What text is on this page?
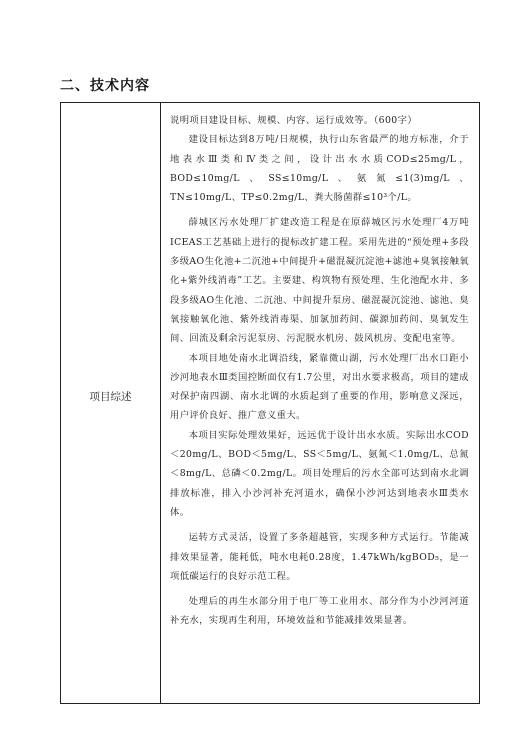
二、技术内容
项目综述

说明项目建设目标、规模、内容、运行成效等。（600字）

建设目标达到8万吨/日规模，执行山东省最严的地方标准，介于地表水Ⅲ类和Ⅳ类之间，设计出水水质COD≤25mg/L，BOD≤10mg/L、SS≤10mg/L、氨氮≤1(3)mg/L、TN≤10mg/L、TP≤0.2mg/L、粪大肠菌群≤10³个/L。

薛城区污水处理厂扩建改造工程是在原薛城区污水处理厂4万吨ICEAS工艺基础上进行的提标改扩建工程。采用先进的“预处理+多段多级AO生化池+二沉池+中间提升+磁混凝沉淀池+滤池+臭氧接触氧化+紫外线消毒”工艺。主要建、构筑物有预处理、生化池配水井、多段多级AO生化池、二沉池、中间提升泵房、磁混凝沉淀池、滤池、臭氧接触氧化池、紫外线消毒渠、加氯加药间、碳源加药间、臭氧发生间、回流及剩余污泥泵房、污泥脱水机房、鼓风机房、变配电室等。

本项目地处南水北调沿线，紧靠微山湖，污水处理厂出水口距小沙河地表水Ⅲ类国控断面仅有1.7公里，对出水要求极高，项目的建成对保护南四湖、南水北调的水质起到了重要的作用，影响意义深远，用户评价良好、推广意义重大。

本项目实际处理效果好，远远优于设计出水水质。实际出水COD＜20mg/L、BOD＜5mg/L、SS＜5mg/L、氨氮＜1.0mg/L、总氮＜8mg/L、总磷＜0.2mg/L。项目处理后的污水全部可达到南水北调排放标准，排入小沙河补充河道水，确保小沙河达到地表水Ⅲ类水体。

运转方式灵活，设置了多条超越管，实现多种方式运行。节能减排效果显著，能耗低，吨水电耗0.28度，1.47kWh/kgBOD₅，是一项低碳运行的良好示范工程。

处理后的再生水部分用于电厂等工业用水、部分作为小沙河河道补充水，实现再生利用，环境效益和节能减排效果显著。
